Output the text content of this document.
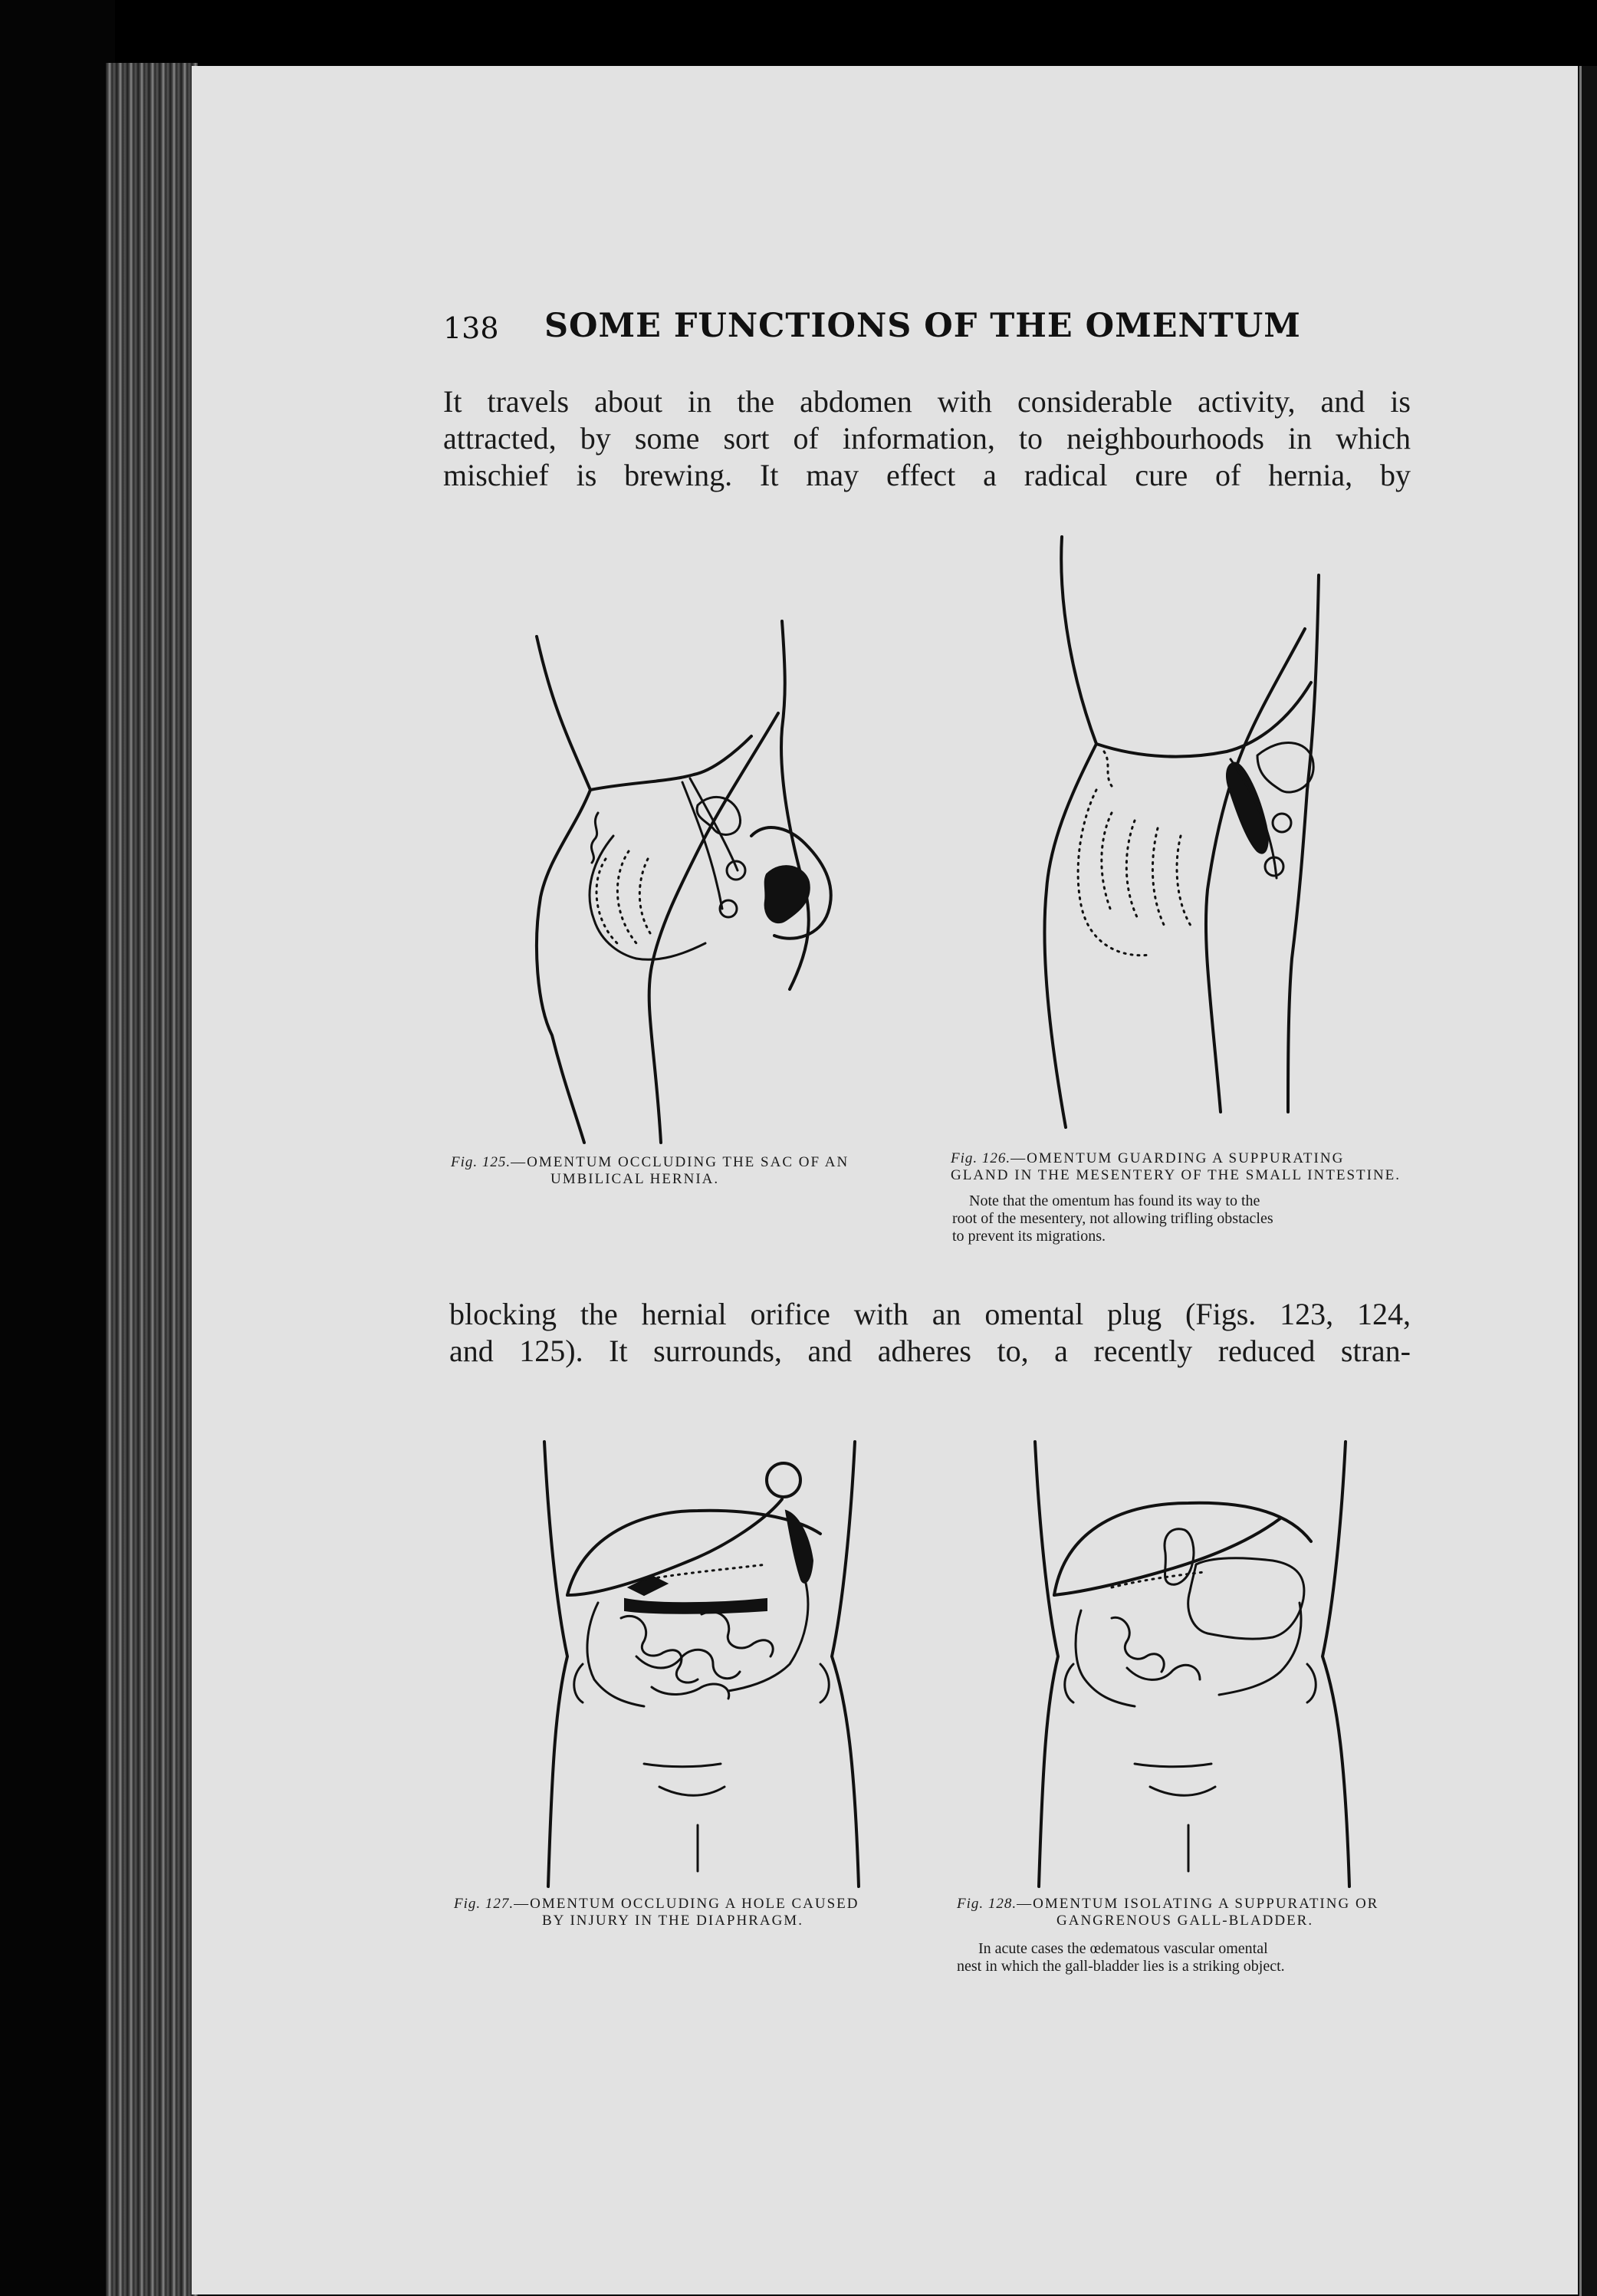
138 SOME FUNCTIONS OF THE OMENTUM
It travels about in the abdomen with considerable activity, and is
attracted, by some sort of information, to neighbourhoods in which
mischief is brewing. It may effect a radical cure of hernia, by
Fig. 125.—OMENTUM OCCLUDING THE SAC OF AN
UMBILICAL HERNIA.
Fig. 126.—OMENTUM GUARDING A SUPPURATING
GLAND IN THE MESENTERY OF THE SMALL INTESTINE.
Note that the omentum has found its way to the
root of the mesentery, not allowing trifling obstacles
to prevent its migrations.
blocking the hernial orifice with an omental plug (Figs. 123, 124,
and 125). It surrounds, and adheres to, a recently reduced stran-
Fig. 127.—OMENTUM OCCLUDING A HOLE CAUSED
BY INJURY IN THE DIAPHRAGM.
Fig. 128.—OMENTUM ISOLATING A SUPPURATING OR
GANGRENOUS GALL-BLADDER.
In acute cases the œdematous vascular omental
nest in which the gall-bladder lies is a striking object.
